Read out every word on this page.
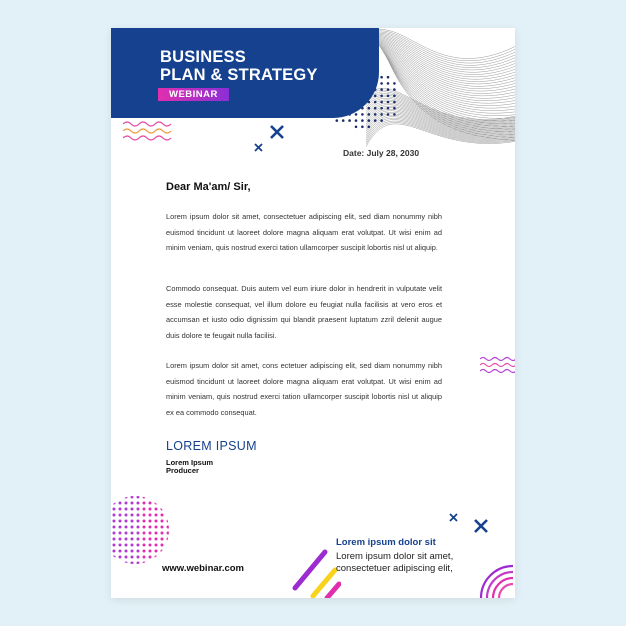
BUSINESS
PLAN & STRATEGY
WEBINAR
Date: July 28, 2030
Dear Ma'am/ Sir,
Lorem ipsum dolor sit amet, consectetuer adipiscing elit, sed diam nonummy nibh euismod tincidunt ut laoreet dolore magna aliquam erat volutpat. Ut wisi enim ad minim veniam, quis nostrud exerci tation ullamcorper suscipit lobortis nisl ut aliquip.
Commodo consequat. Duis autem vel eum iriure dolor in hendrerit in vulputate velit esse molestie consequat, vel illum dolore eu feugiat nulla facilisis at vero eros et accumsan et iusto odio dignissim qui blandit praesent luptatum zzril delenit augue duis dolore te feugait nulla facilisi.
Lorem ipsum dolor sit amet, cons ectetuer adipiscing elit, sed diam nonummy nibh euismod tincidunt ut laoreet dolore magna aliquam erat volutpat. Ut wisi enim ad minim veniam, quis nostrud exerci tation ullamcorper suscipit lobortis nisl ut aliquip ex ea commodo consequat.
LOREM IPSUM
Lorem Ipsum
Producer
www.webinar.com
Lorem ipsum dolor sit
Lorem ipsum dolor sit amet,
consectetuer adipiscing elit,
